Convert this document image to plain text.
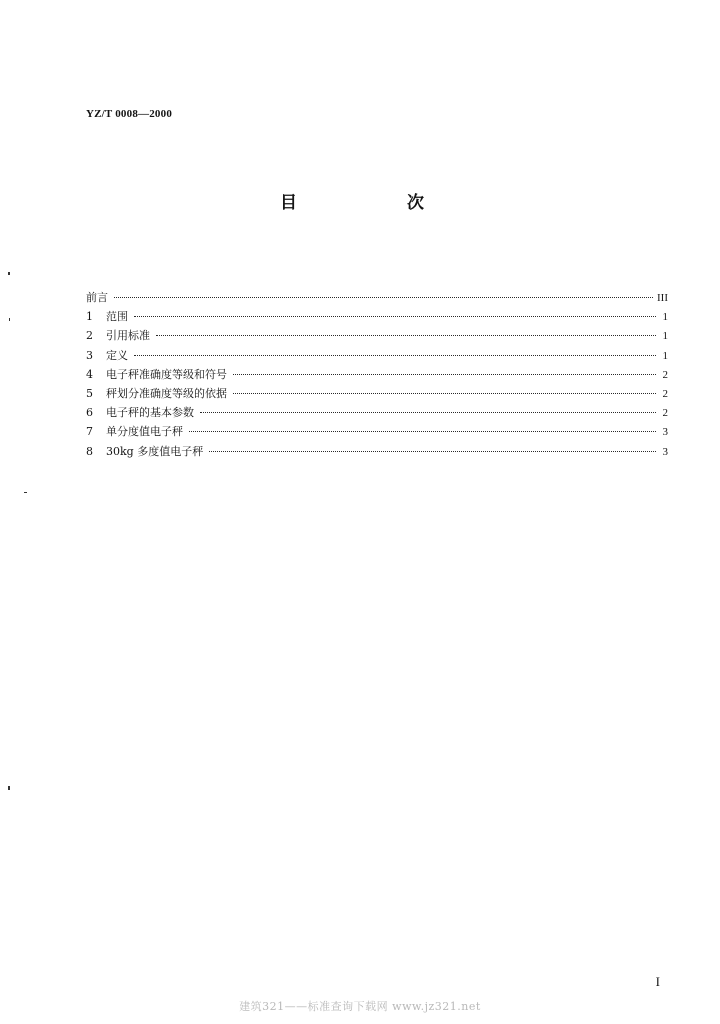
YZ/T 0008—2000
目 次
前言	III
1	范围	1
2	引用标准	1
3	定义	1
4	电子秤准确度等级和符号	2
5	秤划分准确度等级的依据	2
6	电子秤的基本参数	2
7	单分度值电子秤	3
8	30kg 多度值电子秤	3
I
建筑321——标准查询下载网 www.jz321.net
